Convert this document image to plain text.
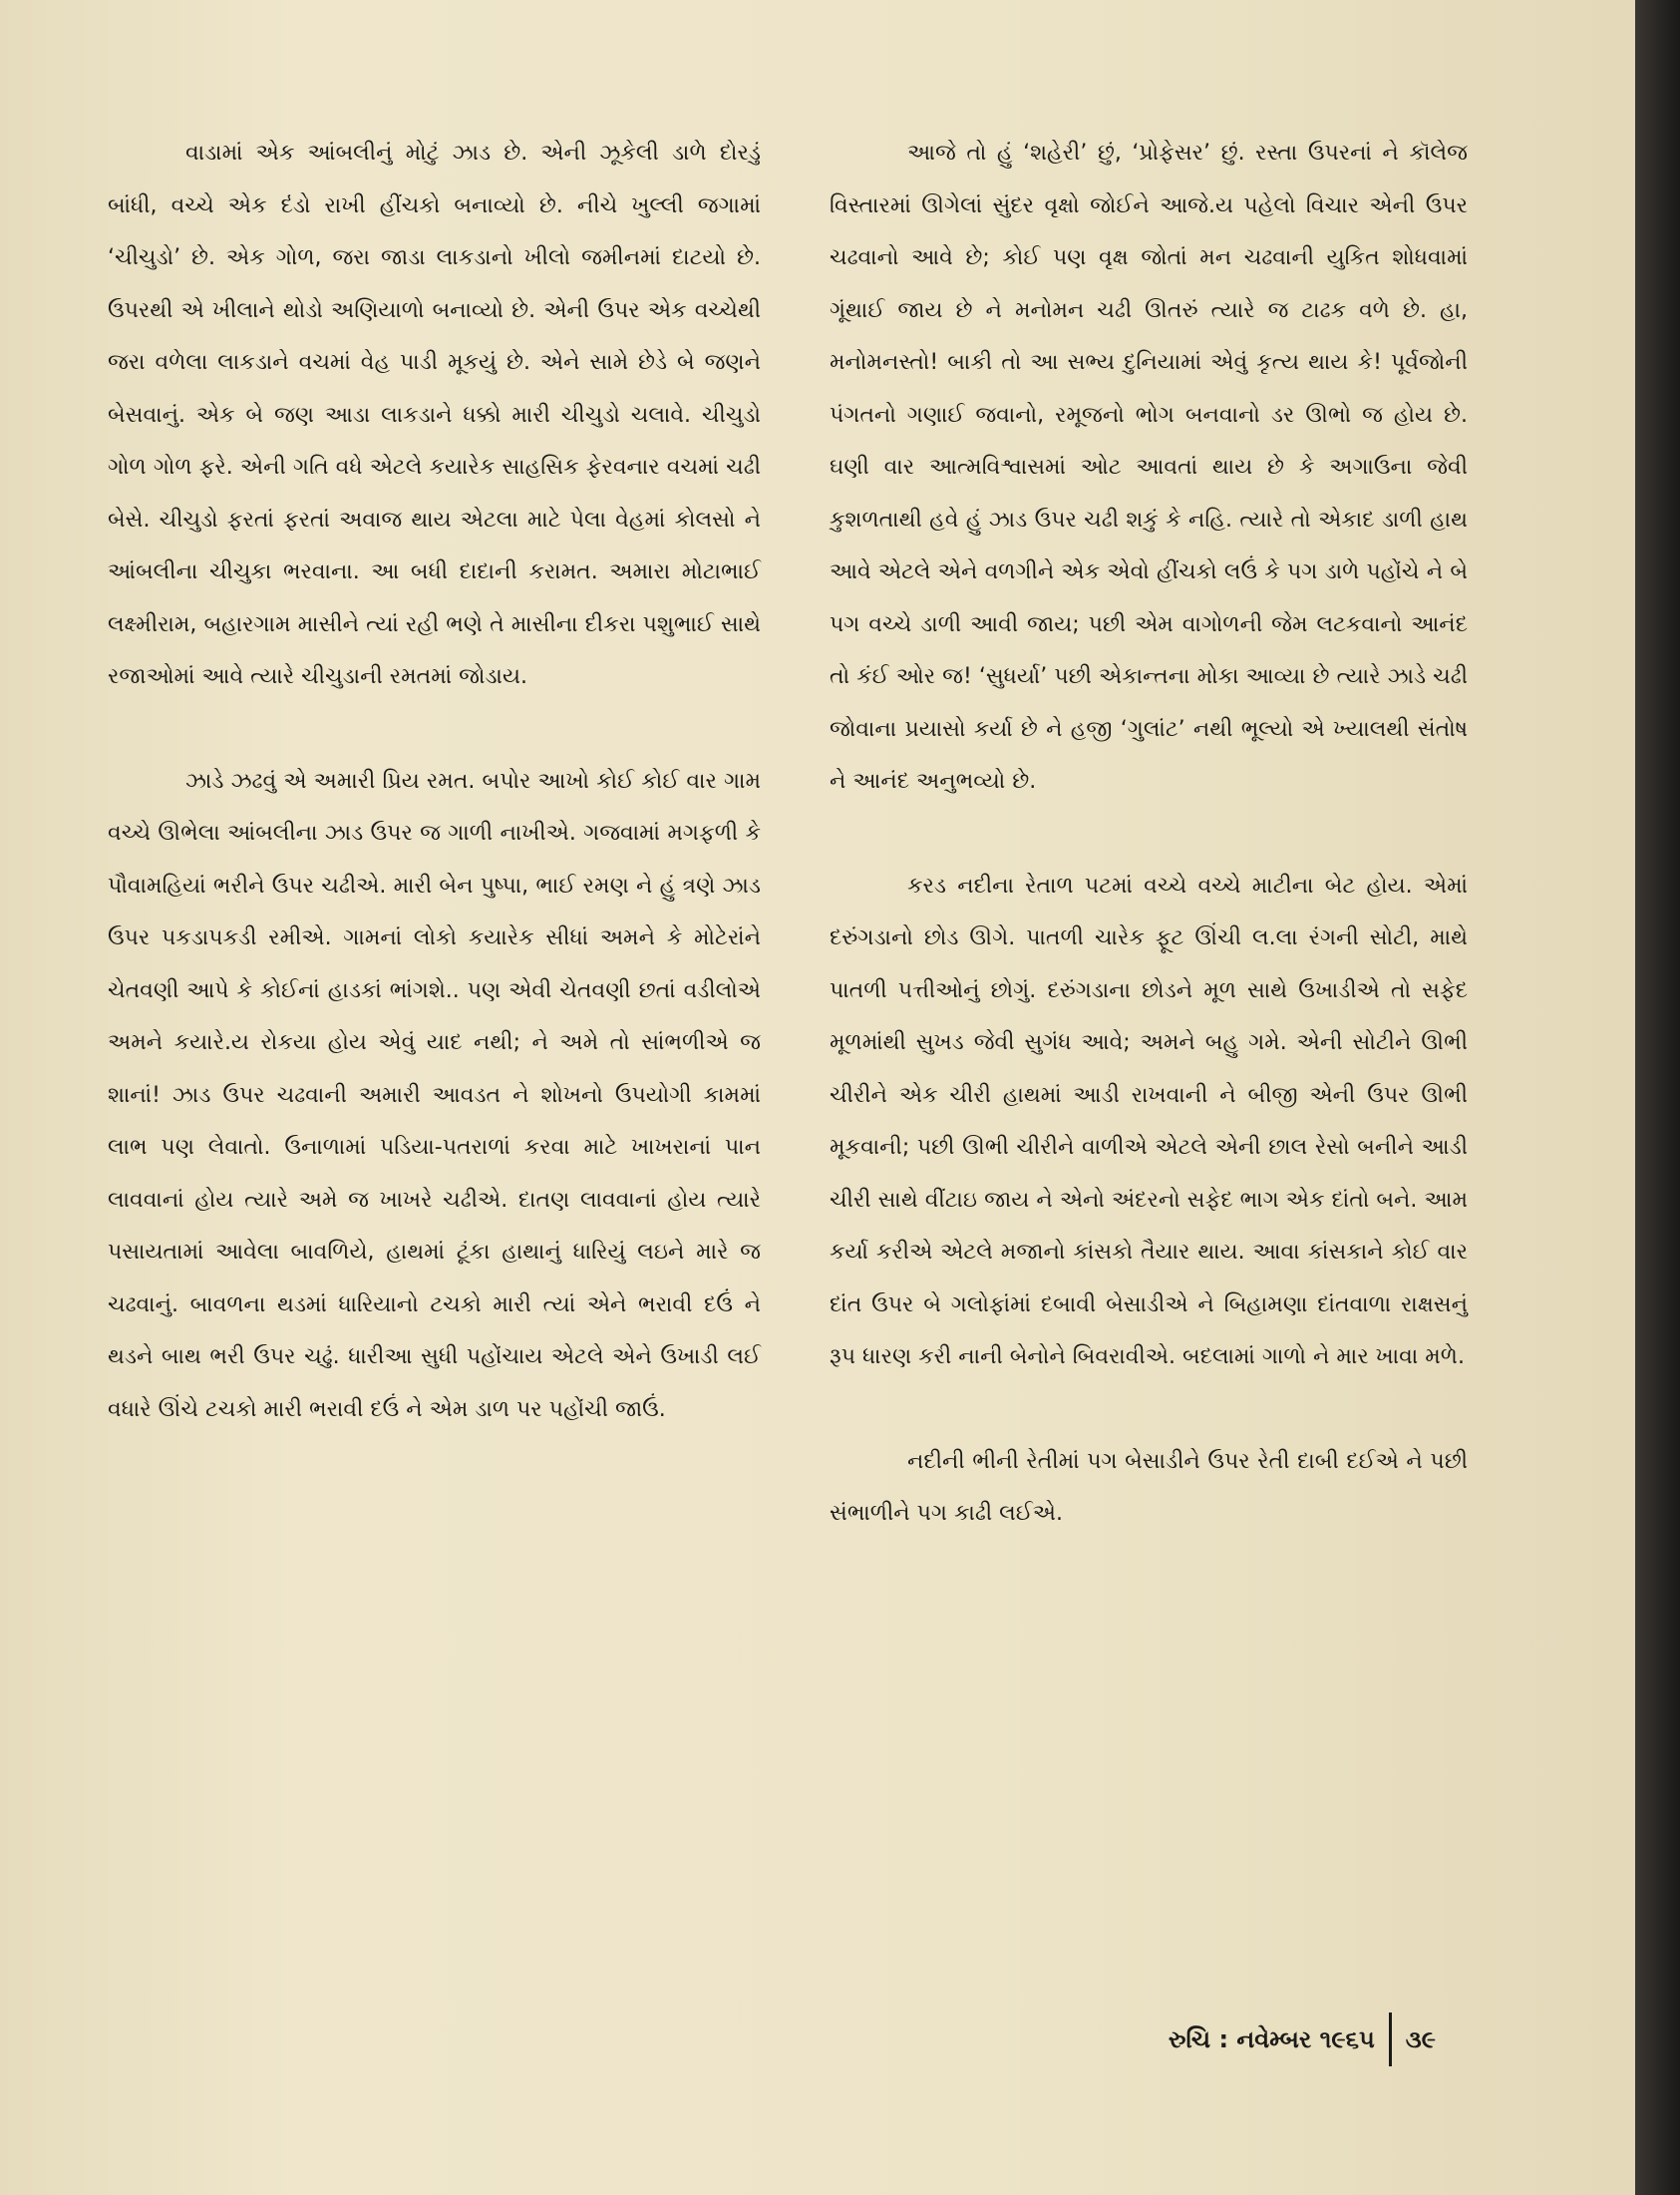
વાડામાં એક આંબલીનું મોટું ઝાડ છે. એની ઝૂકેલી ડાળે દોરડું બાંધી, વચ્ચે એક દંડો રાખી હીંચકો બનાવ્યો છે. નીચે ખુલ્લી જગામાં ‘ચીચુડો’ છે. એક ગોળ, જરા જાડા લાકડાનો ખીલો જમીનમાં દાટયો છે. ઉપરથી એ ખીલાને થોડો અણિયાળો બનાવ્યો છે. એની ઉપર એક વચ્ચેથી જરા વળેલા લાકડાને વચમાં વેહ પાડી મૂકયું છે. એને સામે છેડે બે જણને બેસવાનું. એક બે જણ આડા લાકડાને ધક્કો મારી ચીચુડો ચલાવે. ચીચુડો ગોળ ગોળ ફરે. એની ગતિ વધે એટલે કયારેક સાહસિક ફેરવનાર વચમાં ચઢી બેસે. ચીચુડો ફરતાં ફરતાં અવાજ થાય એટલા માટે પેલા વેહમાં કોલસો ને આંબલીના ચીચુકા ભરવાના. આ બધી દાદાની કરામત. અમારા મોટાભાઈ લક્ષ્મીરામ, બહારગામ માસીને ત્યાં રહી ભણે તે માસીના દીકરા પશુભાઈ સાથે રજાઓમાં આવે ત્યારે ચીચુડાની રમતમાં જોડાય.

ઝાડે ઝઢવું એ અમારી પ્રિય રમત. બપોર આખો કોઈ કોઈ વાર ગામ વચ્ચે ઊભેલા આંબલીના ઝાડ ઉપર જ ગાળી નાખીએ. ગજવામાં મગફળી કે પૌવામહિયાં ભરીને ઉપર ચઢીએ. મારી બેન પુષ્પા, ભાઈ રમણ ને હું ત્રણે ઝાડ ઉપર પકડાપકડી રમીએ. ગામનાં લોકો કયારેક સીધાં અમને કે મોટેરાંને ચેતવણી આપે કે કોઈનાં હાડકાં ભાંગશે.. પણ એવી ચેતવણી છતાં વડીલોએ અમને કયારે.ય રોકયા હોય એવું યાદ નથી; ને અમે તો સાંભળીએ જ શાનાં! ઝાડ ઉપર ચઢવાની અમારી આવડત ને શોખનો ઉપયોગી કામમાં લાભ પણ લેવાતો. ઉનાળામાં પડિયા-પતરાળાં કરવા માટે ખાખરાનાં પાન લાવવાનાં હોય ત્યારે અમે જ ખાખરે ચઢીએ. દાતણ લાવવાનાં હોય ત્યારે પસાયતામાં આવેલા બાવળિયે, હાથમાં ટૂંકા હાથાનું ધારિયું લઇને મારે જ ચઢવાનું. બાવળના થડમાં ધારિયાનો ટચકો મારી ત્યાં એને ભરાવી દઉં ને થડને બાથ ભરી ઉપર ચઢું. ધારીઆ સુધી પહોંચાય એટલે એને ઉખાડી લઈ વધારે ઊંચે ટચકો મારી ભરાવી દઉં ને એમ ડાળ પર પહોંચી જાઉં.

આજે તો હું ‘શહેરી’ છું, ‘પ્રોફેસર’ છું. રસ્તા ઉપરનાં ને કૉલેજ વિસ્તારમાં ઊગેલાં સુંદર વૃક્ષો જોઈને આજે.ય પહેલો વિચાર એની ઉપર ચઢવાનો આવે છે; કોઈ પણ વૃક્ષ જોતાં મન ચઢવાની યુકિત શોધવામાં ગૂંથાઈ જાય છે ને મનોમન ચઢી ઊતરું ત્યારે જ ટાઢક વળે છે. હા, મનોમનસ્તો! બાકી તો આ સભ્ય દુનિયામાં એવું કૃત્ય થાય કે! પૂર્વજોની પંગતનો ગણાઈ જવાનો, રમૂજનો ભોગ બનવાનો ડર ઊભો જ હોય છે. ઘણી વાર આત્મવિશ્વાસમાં ઓટ આવતાં થાય છે કે અગાઉના જેવી કુશળતાથી હવે હું ઝાડ ઉપર ચઢી શકું કે નહિ. ત્યારે તો એકાદ ડાળી હાથ આવે એટલે એને વળગીને એક એવો હીંચકો લઉં કે પગ ડાળે પહોંચે ને બે પગ વચ્ચે ડાળી આવી જાય; પછી એમ વાગોળની જેમ લટકવાનો આનંદ તો કંઈ ઓર જ! ‘સુધર્યા’ પછી એકાન્તના મોકા આવ્યા છે ત્યારે ઝાડે ચઢી જોવાના પ્રયાસો કર્યા છે ને હજી ‘ગુલાંટ’ નથી ભૂલ્યો એ ખ્યાલથી સંતોષ ને આનંદ અનુભવ્યો છે.

કરડ નદીના રેતાળ પટમાં વચ્ચે વચ્ચે માટીના બેટ હોય. એમાં દરુંગડાનો છોડ ઊગે. પાતળી ચારેક ફૂટ ઊંચી લ.લા રંગની સોટી, માથે પાતળી પત્તીઓનું છોગું. દરુંગડાના છોડને મૂળ સાથે ઉખાડીએ તો સફેદ મૂળમાંથી સુખડ જેવી સુગંધ આવે; અમને બહુ ગમે. એની સોટીને ઊભી ચીરીને એક ચીરી હાથમાં આડી રાખવાની ને બીજી એની ઉપર ઊભી મૂકવાની; પછી ઊભી ચીરીને વાળીએ એટલે એની છાલ રેસો બનીને આડી ચીરી સાથે વીંટાઇ જાય ને એનો અંદરનો સફેદ ભાગ એક દાંતો બને. આમ કર્યા કરીએ એટલે મજાનો કાંસકો તૈયાર થાય. આવા કાંસકાને કોઈ વાર દાંત ઉપર બે ગલોફાંમાં દબાવી બેસાડીએ ને બિહામણા દાંતવાળા રાક્ષસનું રૂપ ધારણ કરી નાની બેનોને બિવરાવીએ. બદલામાં ગાળો ને માર ખાવા મળે.

નદીની ભીની રેતીમાં પગ બેસાડીને ઉપર રેતી દાબી દઈએ ને પછી સંભાળીને પગ કાઢી લઈએ.

રુચિ : નવેમ્બર ૧૯૬૫ ૩૯
